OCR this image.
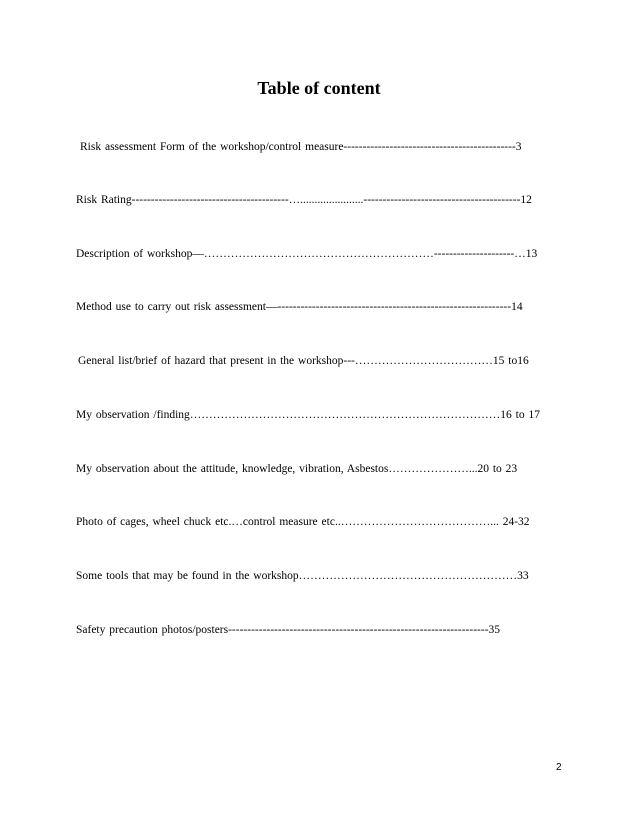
Table of content
Risk assessment Form of the workshop/control measure---------------------------------------------3
Risk Rating-----------------------------------------…......................-----------------------------------------12
Description of workshop—……………………………………………………---------------------…13
Method use to carry out risk assessment—-------------------------------------------------------------14
General list/brief of hazard that present in the workshop---………………………………15 to16
My observation /finding………………………………………………………………………16 to 17
My observation about the attitude, knowledge, vibration, Asbestos…………………...20 to 23
Photo of cages, wheel chuck etc.…control measure etc..…………………………………... 24-32
Some tools that may be found in the workshop…………………………………………………33
Safety precaution photos/posters--------------------------------------------------------------------35
2
